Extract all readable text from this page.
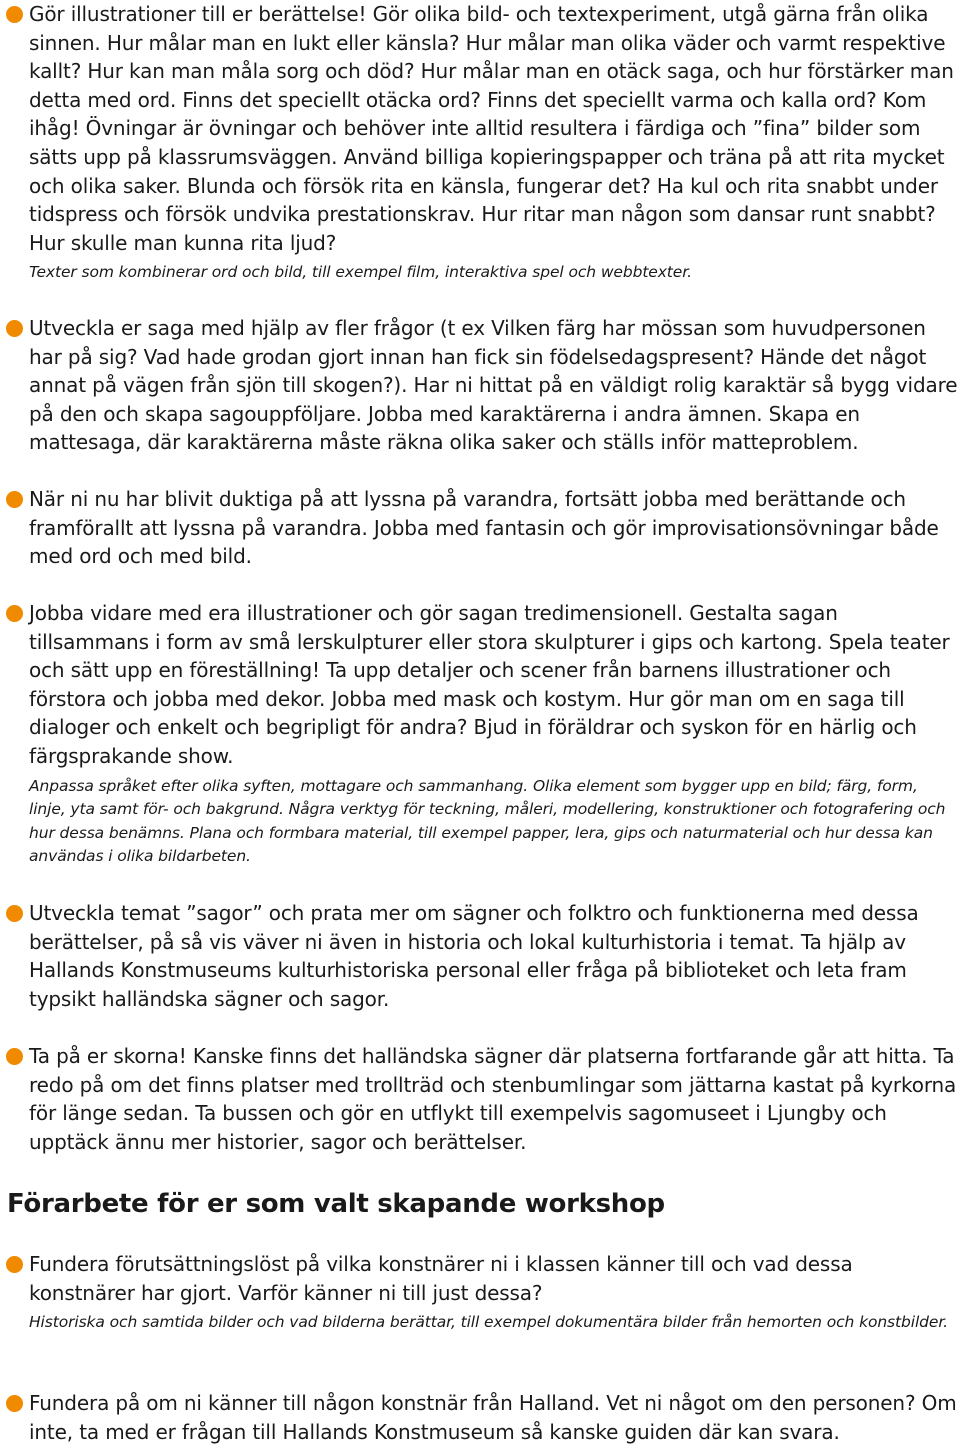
Gör illustrationer till er berättelse! Gör olika bild- och textexperiment, utgå gärna från olika sinnen. Hur målar man en lukt eller känsla? Hur målar man olika väder och varmt respektive kallt? Hur kan man måla sorg och död? Hur målar man en otäck saga, och hur förstärker man detta med ord. Finns det speciellt otäcka ord? Finns det speciellt varma och kalla ord? Kom ihåg! Övningar är övningar och behöver inte alltid resultera i färdiga och ”fina” bilder som sätts upp på klassrumsväggen. Använd billiga kopieringspapper och träna på att rita mycket och olika saker. Blunda och försök rita en känsla, fungerar det? Ha kul och rita snabbt under tidspress och försök undvika prestationskrav. Hur ritar man någon som dansar runt snabbt? Hur skulle man kunna rita ljud?

Texter som kombinerar ord och bild, till exempel film, interaktiva spel och webbtexter.

Utveckla er saga med hjälp av fler frågor (t ex Vilken färg har mössan som huvudpersonen har på sig? Vad hade grodan gjort innan han fick sin födelsedagspresent? Hände det något annat på vägen från sjön till skogen?). Har ni hittat på en väldigt rolig karaktär så bygg vidare på den och skapa sagouppföljare. Jobba med karaktärerna i andra ämnen. Skapa en mattesaga, där karaktärerna måste räkna olika saker och ställs inför matteproblem.

När ni nu har blivit duktiga på att lyssna på varandra, fortsätt jobba med berättande och framförallt att lyssna på varandra. Jobba med fantasin och gör improvisationsövningar både med ord och med bild.

Jobba vidare med era illustrationer och gör sagan tredimensionell. Gestalta sagan tillsammans i form av små lerskulpturer eller stora skulpturer i gips och kartong. Spela teater och sätt upp en föreställning! Ta upp detaljer och scener från barnens illustrationer och förstora och jobba med dekor. Jobba med mask och kostym. Hur gör man om en saga till dialoger och enkelt och begripligt för andra? Bjud in föräldrar och syskon för en härlig och färgsprakande show.

Anpassa språket efter olika syften, mottagare och sammanhang. Olika element som bygger upp en bild; färg, form, linje, yta samt för- och bakgrund. Några verktyg för teckning, måleri, modellering, konstruktioner och fotografering och hur dessa benämns. Plana och formbara material, till exempel papper, lera, gips och naturmaterial och hur dessa kan användas i olika bildarbeten.

Utveckla temat ”sagor” och prata mer om sägner och folktro och funktionerna med dessa berättelser, på så vis väver ni även in historia och lokal kulturhistoria i temat. Ta hjälp av Hallands Konstmuseums kulturhistoriska personal eller fråga på biblioteket och leta fram typsikt halländska sägner och sagor.

Ta på er skorna! Kanske finns det halländska sägner där platserna fortfarande går att hitta. Ta redo på om det finns platser med trollträd och stenbumlingar som jättarna kastat på kyrkorna för länge sedan. Ta bussen och gör en utflykt till exempelvis sagomuseet i Ljungby och upptäck ännu mer historier, sagor och berättelser.

Förarbete för er som valt skapande workshop

Fundera förutsättningslöst på vilka konstnärer ni i klassen känner till och vad dessa konstnärer har gjort. Varför känner ni till just dessa?

Historiska och samtida bilder och vad bilderna berättar, till exempel dokumentära bilder från hemorten och konstbilder.

Fundera på om ni känner till någon konstnär från Halland. Vet ni något om den personen? Om inte, ta med er frågan till Hallands Konstmuseum så kanske guiden där kan svara.
